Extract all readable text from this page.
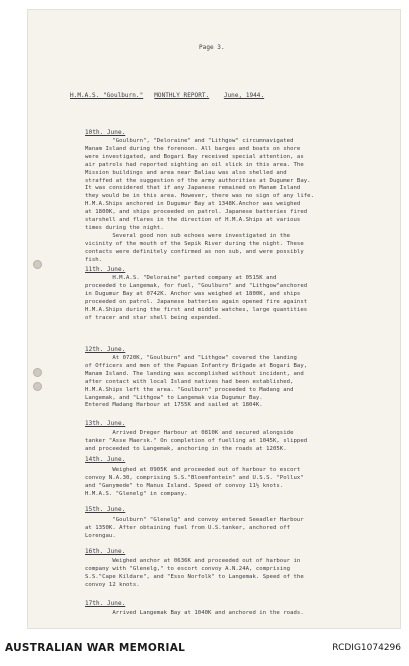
Page 3.
H.M.A.S. "Goulburn." MONTHLY REPORT. June, 1944.
10th. June.
"Goulburn", "Deloraine" and "Lithgow" circumnavigated
Manam Island during the forenoon. All barges and boats on shore
were investigated, and Bogari Bay received special attention, as
air patrols had reported sighting an oil slick in this area. The
Mission buildings and area near Baliau was also shelled and
straffed at the suggestion of the army authorities at Dugumer Bay.
It was considered that if any Japanese remained on Manam Island
they would be in this area. However, there was no sign of any life.
H.M.A.Ships anchored in Dugumur Bay at 1348K.Anchor was weighed
at 1800K, and ships proceeded on patrol. Japanese batteries fired
starshell and flares in the direction of H.M.A.Ships at various
times during the night.
Several good non sub echoes were investigated in the
vicinity of the mouth of the Sepik River during the night. These
contacts were definitely confirmed as non sub, and were possibly
fish.
11th. June.
H.M.A.S. "Deloraine" parted company at 0515K and
proceeded to Langemak, for fuel, "Goulburn" and "Lithgow"anchored
in Dugumur Bay at 0742K. Anchor was weighed at 1800K, and ships
proceeded on patrol. Japanese batteries again opened fire against
H.M.A.Ships during the first and middle watches, large quantities
of tracer and star shell being expended.
12th. June.
At 0720K, "Goulburn" and "Lithgow" covered the landing
of Officers and men of the Papuan Infantry Brigade at Bogari Bay,
Manam Island. The landing was accomplished without incident, and
after contact with local Island natives had been established,
H.M.A.Ships left the area. "Goulburn" proceeded to Madang and
Langemak, and "Lithgow" to Langemak via Dugumur Bay.
Entered Madang Harbour at 1755K and sailed at 1804K.
13th. June.
Arrived Dreger Harbour at 0810K and secured alongside
tanker "Asse Maersk." On completion of fuelling at 1045K, slipped
and proceeded to Langemak, anchoring in the roads at 1205K.
14th. June.
Weighed at 0905K and proceeded out of harbour to escort
convoy N.A.30, comprising S.S."Bloemfontein" and U.S.S. "Pollux"
and "Ganymede" to Manus Island. Speed of convoy 11½ knots.
H.M.A.S. "Glenelg" in company.
15th. June.
"Goulburn" "Glenelg" and convoy entered Seeadler Harbour
at 1350K. After obtaining fuel from U.S.tanker, anchored off
Lorengau.
16th. June.
Weighed anchor at 0636K and proceeded out of harbour in
company with "Glenelg," to escort convoy A.N.24A, comprising
S.S."Cape Kildare", and "Esso Norfolk" to Langemak. Speed of the
convoy 12 knots.
17th. June.
Arrived Langemak Bay at 1040K and anchored in the roads.
AUSTRALIAN WAR MEMORIAL	RCDIG1074296
